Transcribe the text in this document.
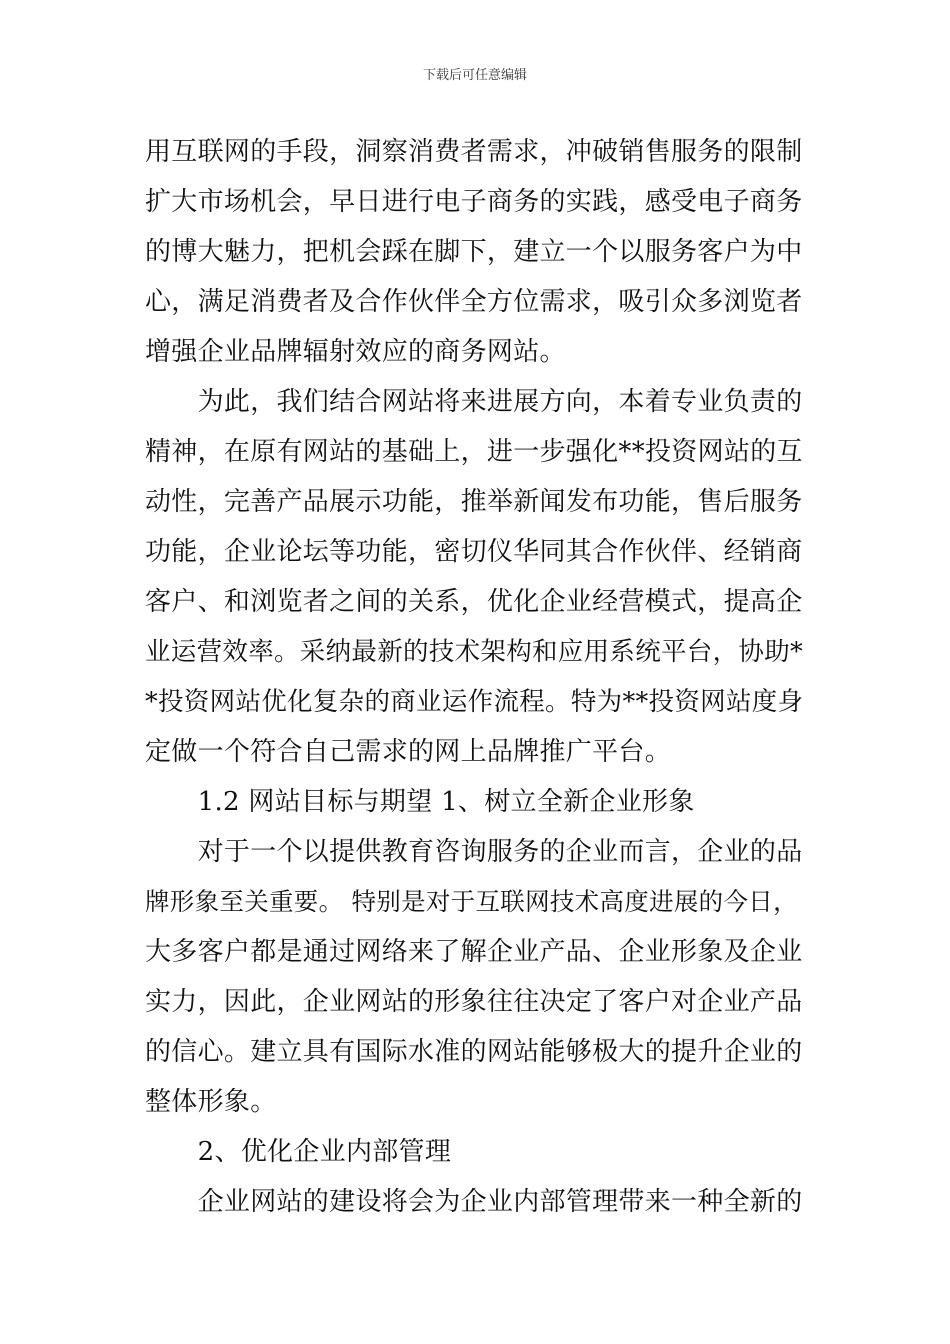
下载后可任意编辑
用互联网的手段，洞察消费者需求，冲破销售服务的限制
扩大市场机会，早日进行电子商务的实践，感受电子商务
的博大魅力，把机会踩在脚下，建立一个以服务客户为中
心，满足消费者及合作伙伴全方位需求，吸引众多浏览者
增强企业品牌辐射效应的商务网站。
　　为此，我们结合网站将来进展方向，本着专业负责的
精神，在原有网站的基础上，进一步强化**投资网站的互
动性，完善产品展示功能，推举新闻发布功能，售后服务
功能，企业论坛等功能，密切仪华同其合作伙伴、经销商
客户、和浏览者之间的关系，优化企业经营模式，提高企
业运营效率。采纳最新的技术架构和应用系统平台，协助*
*投资网站优化复杂的商业运作流程。特为**投资网站度身
定做一个符合自己需求的网上品牌推广平台。
　　1.2 网站目标与期望 1、树立全新企业形象
　　对于一个以提供教育咨询服务的企业而言，企业的品
牌形象至关重要。 特别是对于互联网技术高度进展的今日，
大多客户都是通过网络来了解企业产品、企业形象及企业
实力，因此，企业网站的形象往往决定了客户对企业产品
的信心。建立具有国际水准的网站能够极大的提升企业的
整体形象。
　　2、优化企业内部管理
　　企业网站的建设将会为企业内部管理带来一种全新的
